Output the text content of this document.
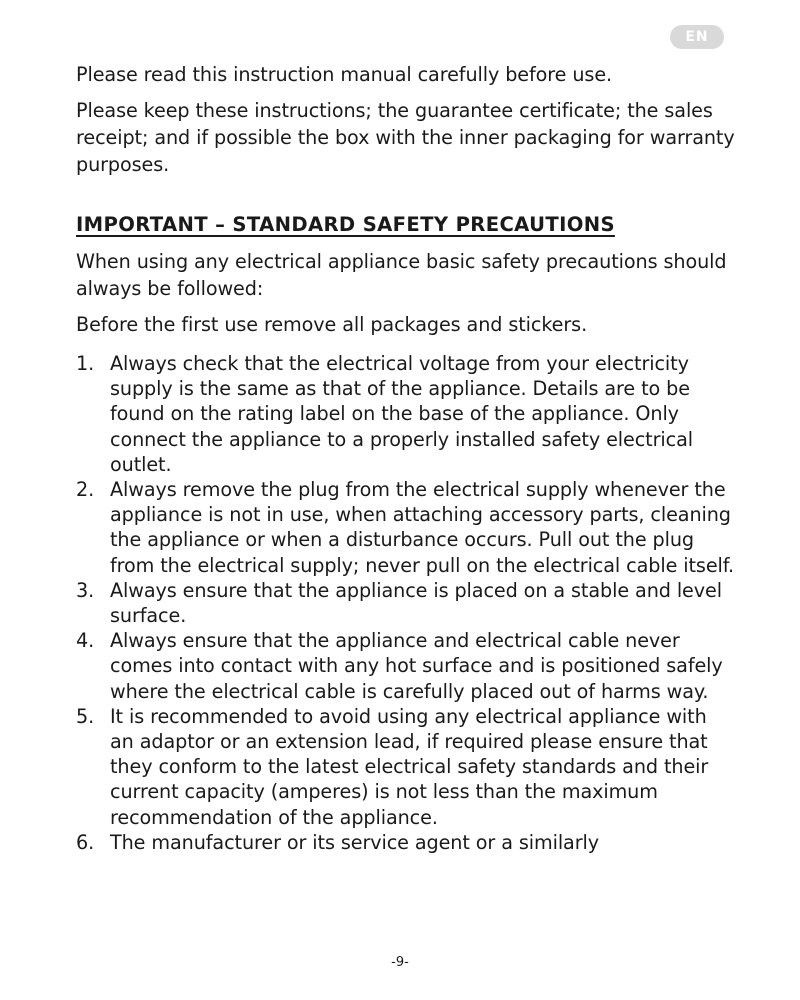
EN

Please read this instruction manual carefully before use.

Please keep these instructions; the guarantee certificate; the sales receipt; and if possible the box with the inner packaging for warranty purposes.

IMPORTANT – STANDARD SAFETY PRECAUTIONS

When using any electrical appliance basic safety precautions should always be followed:

Before the first use remove all packages and stickers.

1. Always check that the electrical voltage from your electricity supply is the same as that of the appliance. Details are to be found on the rating label on the base of the appliance. Only connect the appliance to a properly installed safety electrical outlet.
2. Always remove the plug from the electrical supply whenever the appliance is not in use, when attaching accessory parts, cleaning the appliance or when a disturbance occurs. Pull out the plug from the electrical supply; never pull on the electrical cable itself.
3. Always ensure that the appliance is placed on a stable and level surface.
4. Always ensure that the appliance and electrical cable never comes into contact with any hot surface and is positioned safely where the electrical cable is carefully placed out of harms way.
5. It is recommended to avoid using any electrical appliance with an adaptor or an extension lead, if required please ensure that they conform to the latest electrical safety standards and their current capacity (amperes) is not less than the maximum recommendation of the appliance.
6. The manufacturer or its service agent or a similarly
-9-
